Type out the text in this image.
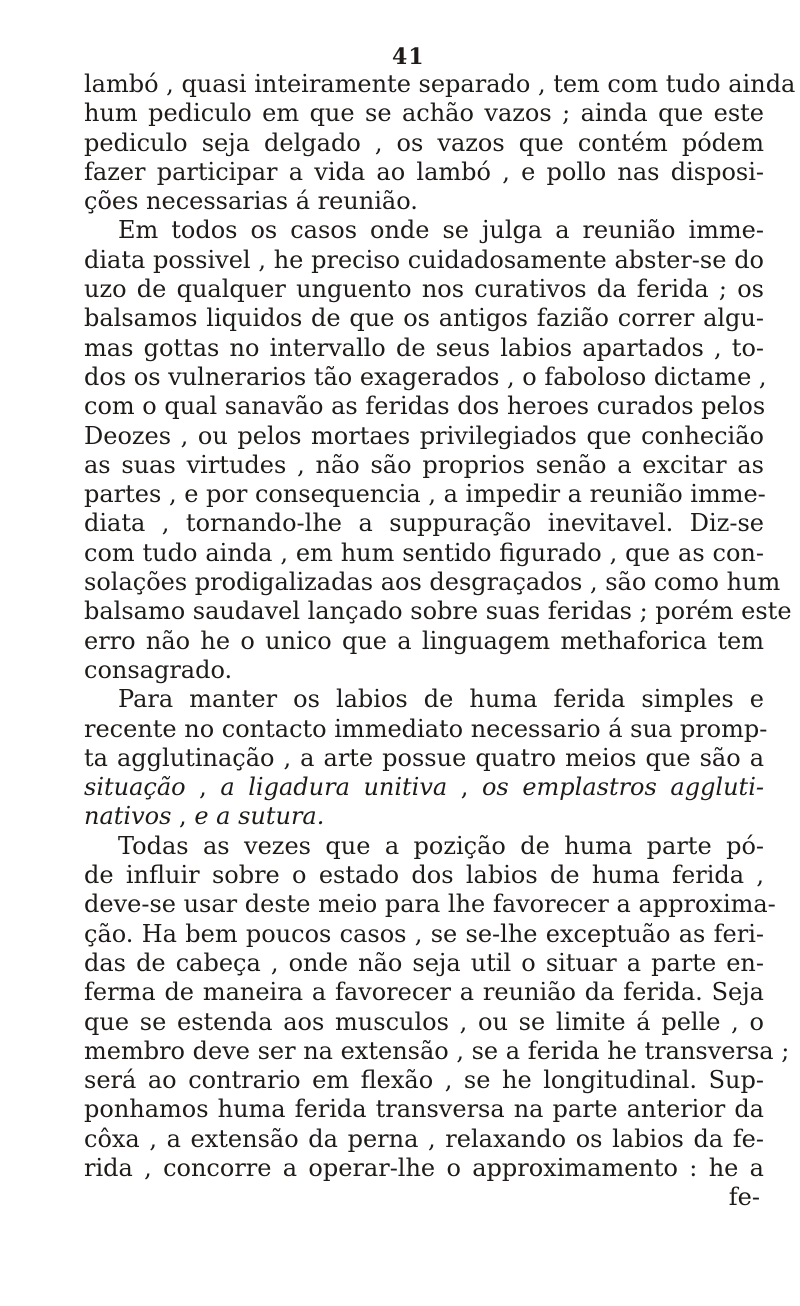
41
lambó , quasi inteiramente separado , tem com tudo ainda
hum pediculo em que se achão vazos ; ainda que este
pediculo seja delgado , os vazos que contém pódem
fazer participar a vida ao lambó , e pollo nas disposi-
ções necessarias á reunião.
Em todos os casos onde se julga a reunião imme-
diata possivel , he preciso cuidadosamente abster-se do
uzo de qualquer unguento nos curativos da ferida ; os
balsamos liquidos de que os antigos fazião correr algu-
mas gottas no intervallo de seus labios apartados , to-
dos os vulnerarios tão exagerados , o faboloso dictame ,
com o qual sanavão as feridas dos heroes curados pelos
Deozes , ou pelos mortaes privilegiados que conhecião
as suas virtudes , não são proprios senão a excitar as
partes , e por consequencia , a impedir a reunião imme-
diata , tornando-lhe a suppuração inevitavel. Diz-se
com tudo ainda , em hum sentido figurado , que as con-
solações prodigalizadas aos desgraçados , são como hum
balsamo saudavel lançado sobre suas feridas ; porém este
erro não he o unico que a linguagem methaforica tem
consagrado.
Para manter os labios de huma ferida simples e
recente no contacto immediato necessario á sua promp-
ta agglutinação , a arte possue quatro meios que são a
situação , a ligadura unitiva , os emplastros aggluti-
nativos , e a sutura.
Todas as vezes que a pozição de huma parte pó-
de influir sobre o estado dos labios de huma ferida ,
deve-se usar deste meio para lhe favorecer a approxima-
ção. Ha bem poucos casos , se se-lhe exceptuão as feri-
das de cabeça , onde não seja util o situar a parte en-
ferma de maneira a favorecer a reunião da ferida. Seja
que se estenda aos musculos , ou se limite á pelle , o
membro deve ser na extensão , se a ferida he transversa ;
será ao contrario em flexão , se he longitudinal. Sup-
ponhamos huma ferida transversa na parte anterior da
côxa , a extensão da perna , relaxando os labios da fe-
rida , concorre a operar-lhe o approximamento : he a
fe-
